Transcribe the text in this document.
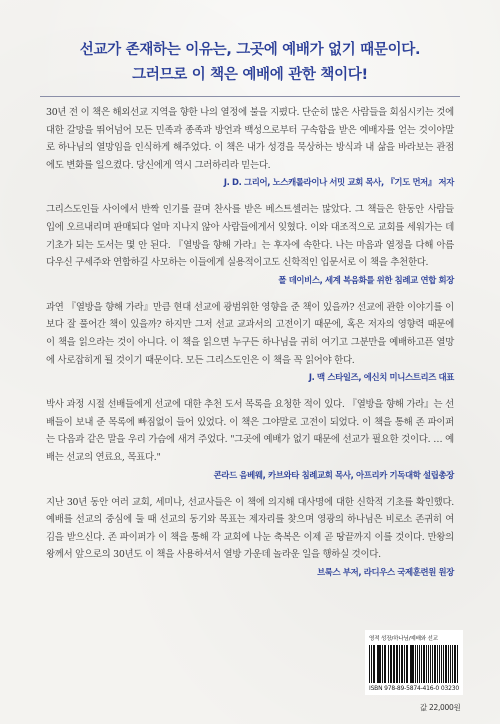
선교가 존재하는 이유는, 그곳에 예배가 없기 때문이다.
그러므로 이 책은 예배에 관한 책이다!
30년 전 이 책은 해외선교 지역을 향한 나의 열정에 불을 지폈다. 단순히 많은 사람들을 회심시키는 것에 대한 갈망을 뛰어넘어 모든 민족과 종족과 방언과 백성으로부터 구속함을 받은 예배자를 얻는 것이야말로 하나님의 열망임을 인식하게 해주었다. 이 책은 내가 성경을 묵상하는 방식과 내 삶을 바라보는 관점에도 변화를 일으켰다. 당신에게 역시 그러하리라 믿는다.
J. D. 그리어, 노스캐롤라이나 서밋 교회 목사, 『기도 먼저』 저자
그리스도인들 사이에서 반짝 인기를 끌며 찬사를 받은 베스트셀러는 많았다. 그 책들은 한동안 사람들 입에 오르내리며 판매되다 얼마 지나지 않아 사람들에게서 잊혔다. 이와 대조적으로 교회를 세워가는 데 기초가 되는 도서는 몇 안 된다. 『열방을 향해 가라』는 후자에 속한다. 나는 마음과 열정을 다해 아름다우신 구세주와 연합하길 사모하는 이들에게 실용적이고도 신학적인 입문서로 이 책을 추천한다.
폴 데이비스, 세계 복음화를 위한 침례교 연합 회장
과연 『열방을 향해 가라』만큼 현대 선교에 광범위한 영향을 준 책이 있을까? 선교에 관한 이야기를 이보다 잘 풀어간 책이 있을까? 하지만 그저 선교 교과서의 고전이기 때문에, 혹은 저자의 영향력 때문에 이 책을 읽으라는 것이 아니다. 이 책을 읽으면 누구든 하나님을 귀히 여기고 그분만을 예배하고픈 열망에 사로잡히게 될 것이기 때문이다. 모든 그리스도인은 이 책을 꼭 읽어야 한다.
J. 맥 스타일즈, 에신치 미니스트리즈 대표
박사 과정 시절 선배들에게 선교에 대한 추천 도서 목록을 요청한 적이 있다. 『열방을 향해 가라』는 선배들이 보내 준 목록에 빠짐없이 들어 있었다. 이 책은 그야말로 고전이 되었다. 이 책을 통해 존 파이퍼는 다음과 같은 말을 우리 가슴에 새겨 주었다. "그곳에 예배가 없기 때문에 선교가 필요한 것이다. … 예배는 선교의 연료요, 목표다."
콘라드 음베웨, 카브와타 침례교회 목사, 아프리카 기독대학 설립총장
지난 30년 동안 여러 교회, 세미나, 선교사들은 이 책에 의지해 대사명에 대한 신학적 기초를 확인했다. 예배를 선교의 중심에 둘 때 선교의 동기와 목표는 제자리를 찾으며 영광의 하나님은 비로소 존귀히 여김을 받으신다. 존 파이퍼가 이 책을 통해 각 교회에 나눈 축복은 이제 곧 땅끝까지 이를 것이다. 만왕의 왕께서 앞으로의 30년도 이 책을 사용하셔서 열방 가운데 놀라운 일을 행하실 것이다.
브룩스 부저, 라디우스 국제훈련원 원장
영적 성장/하나님/예배와 선교
ISBN 978-89-5874-416-0 03230
값 22,000원
